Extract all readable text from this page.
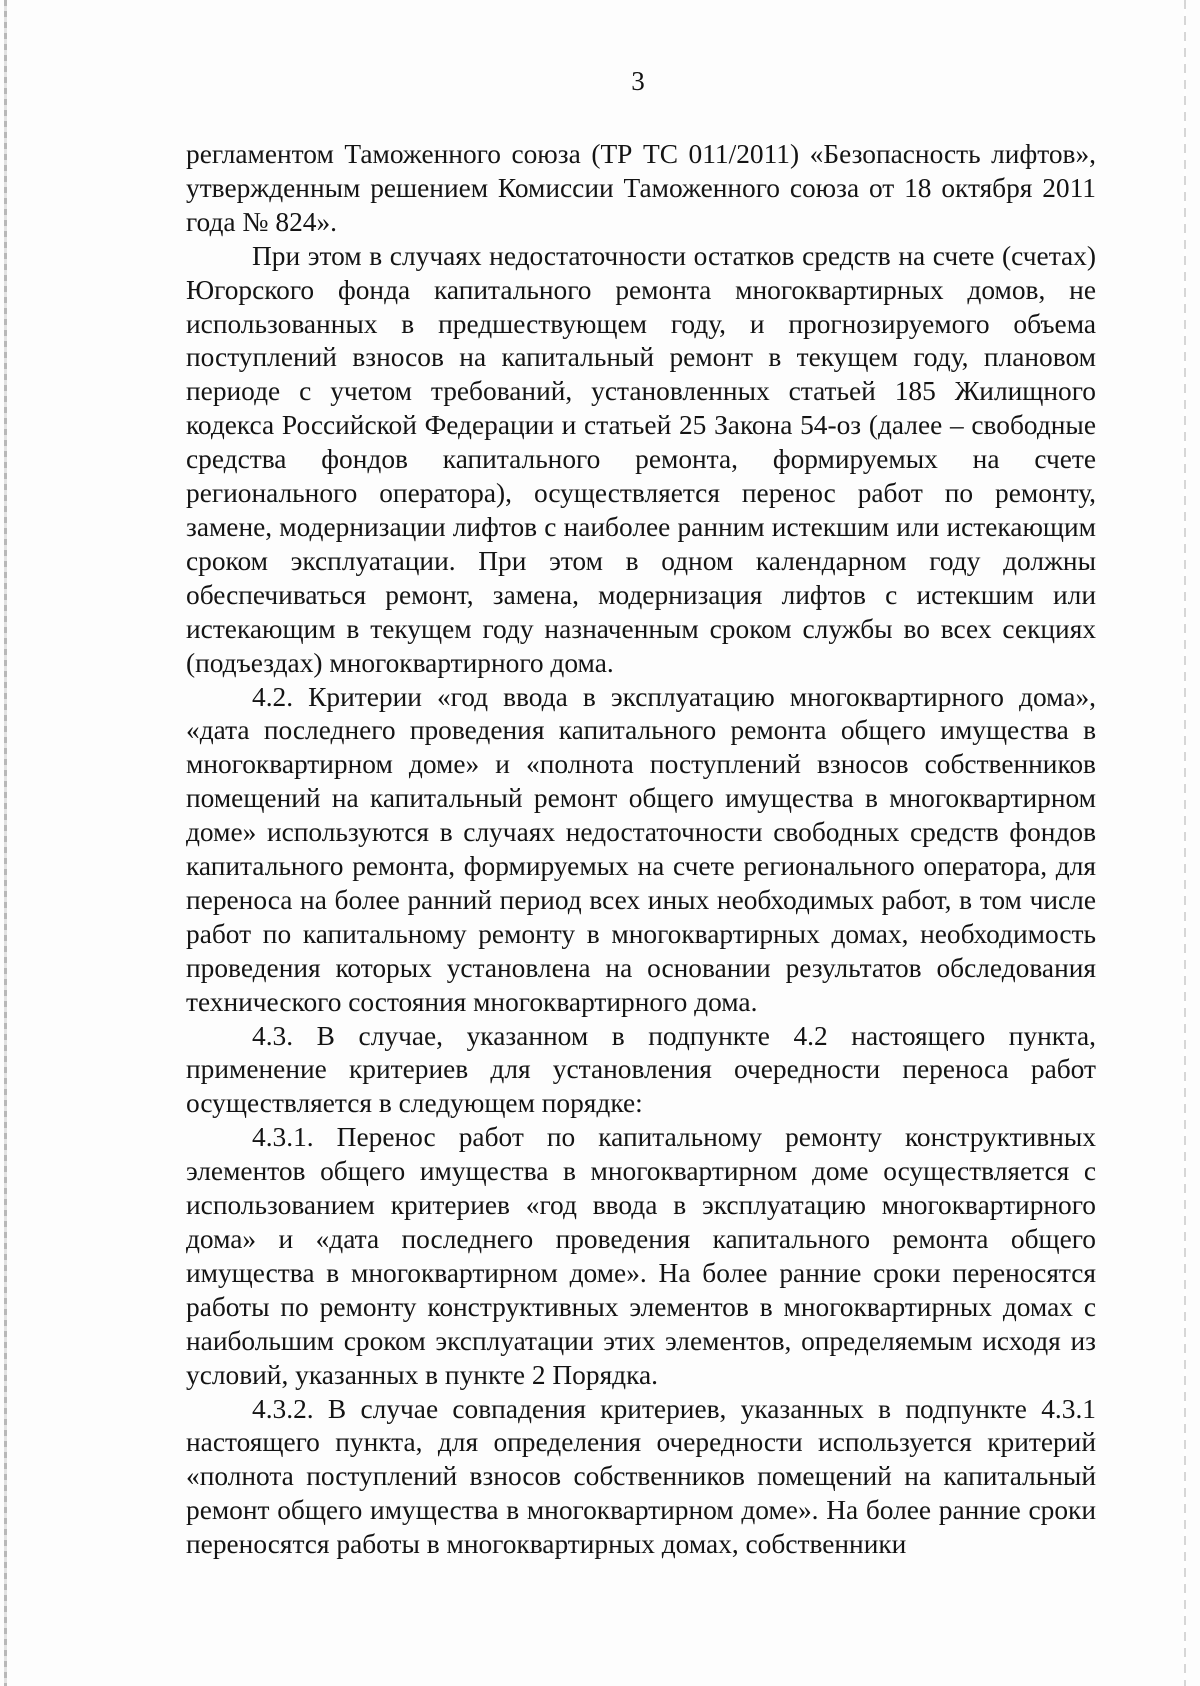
3

регламентом Таможенного союза (ТР ТС 011/2011) «Безопасность лифтов», утвержденным решением Комиссии Таможенного союза от 18 октября 2011 года № 824».

При этом в случаях недостаточности остатков средств на счете (счетах) Югорского фонда капитального ремонта многоквартирных домов, не использованных в предшествующем году, и прогнозируемого объема поступлений взносов на капитальный ремонт в текущем году, плановом периоде с учетом требований, установленных статьей 185 Жилищного кодекса Российской Федерации и статьей 25 Закона 54-оз (далее – свободные средства фондов капитального ремонта, формируемых на счете регионального оператора), осуществляется перенос работ по ремонту, замене, модернизации лифтов с наиболее ранним истекшим или истекающим сроком эксплуатации. При этом в одном календарном году должны обеспечиваться ремонт, замена, модернизация лифтов с истекшим или истекающим в текущем году назначенным сроком службы во всех секциях (подъездах) многоквартирного дома.

4.2. Критерии «год ввода в эксплуатацию многоквартирного дома», «дата последнего проведения капитального ремонта общего имущества в многоквартирном доме» и «полнота поступлений взносов собственников помещений на капитальный ремонт общего имущества в многоквартирном доме» используются в случаях недостаточности свободных средств фондов капитального ремонта, формируемых на счете регионального оператора, для переноса на более ранний период всех иных необходимых работ, в том числе работ по капитальному ремонту в многоквартирных домах, необходимость проведения которых установлена на основании результатов обследования технического состояния многоквартирного дома.

4.3. В случае, указанном в подпункте 4.2 настоящего пункта, применение критериев для установления очередности переноса работ осуществляется в следующем порядке:

4.3.1. Перенос работ по капитальному ремонту конструктивных элементов общего имущества в многоквартирном доме осуществляется с использованием критериев «год ввода в эксплуатацию многоквартирного дома» и «дата последнего проведения капитального ремонта общего имущества в многоквартирном доме». На более ранние сроки переносятся работы по ремонту конструктивных элементов в многоквартирных домах с наибольшим сроком эксплуатации этих элементов, определяемым исходя из условий, указанных в пункте 2 Порядка.

4.3.2. В случае совпадения критериев, указанных в подпункте 4.3.1 настоящего пункта, для определения очередности используется критерий «полнота поступлений взносов собственников помещений на капитальный ремонт общего имущества в многоквартирном доме». На более ранние сроки переносятся работы в многоквартирных домах, собственники
